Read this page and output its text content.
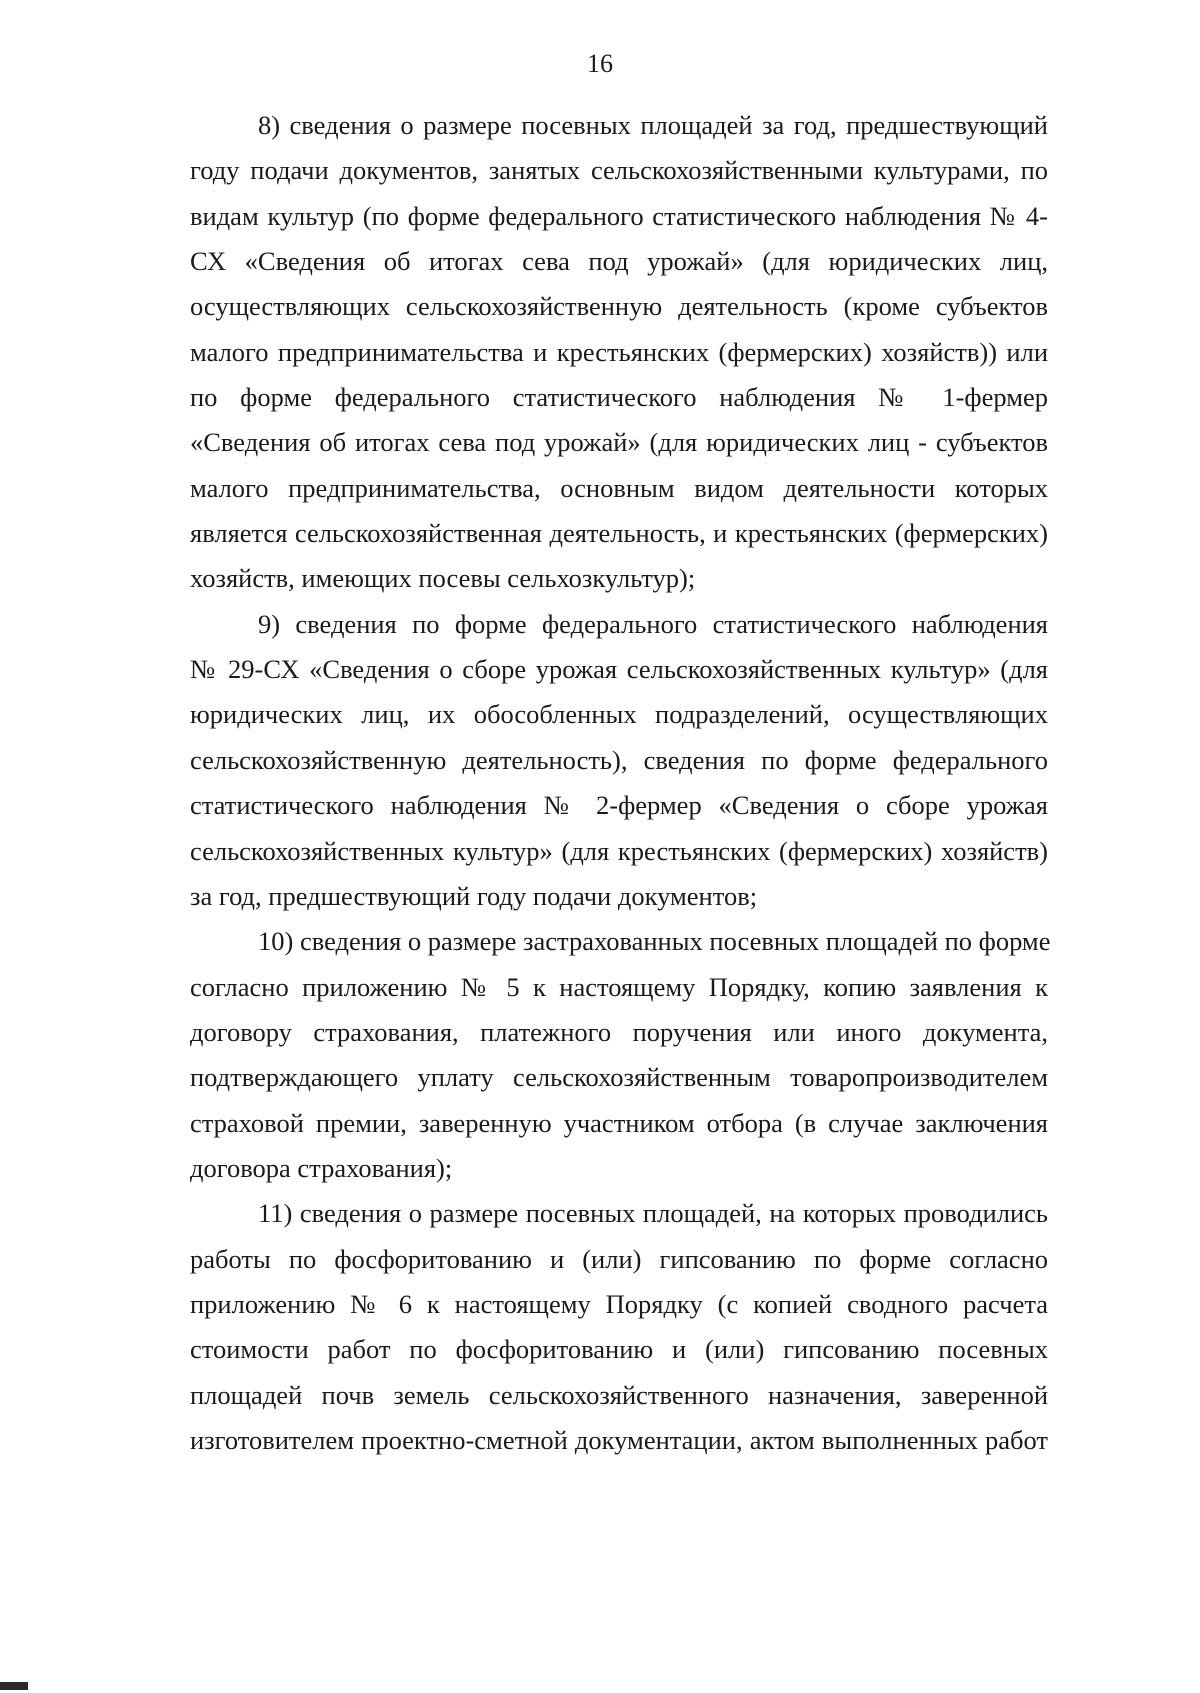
16
8) сведения о размере посевных площадей за год, предшествующий
году подачи документов, занятых сельскохозяйственными культурами, по
видам культур (по форме федерального статистического наблюдения № 4-
СХ «Сведения об итогах сева под урожай» (для юридических лиц,
осуществляющих сельскохозяйственную деятельность (кроме субъектов
малого предпринимательства и крестьянских (фермерских) хозяйств)) или
по форме федерального статистического наблюдения № 1-фермер
«Сведения об итогах сева под урожай» (для юридических лиц - субъектов
малого предпринимательства, основным видом деятельности которых
является сельскохозяйственная деятельность, и крестьянских (фермерских)
хозяйств, имеющих посевы сельхозкультур);
9) сведения по форме федерального статистического наблюдения
№ 29-СХ «Сведения о сборе урожая сельскохозяйственных культур» (для
юридических лиц, их обособленных подразделений, осуществляющих
сельскохозяйственную деятельность), сведения по форме федерального
статистического наблюдения № 2-фермер «Сведения о сборе урожая
сельскохозяйственных культур» (для крестьянских (фермерских) хозяйств)
за год, предшествующий году подачи документов;
10) сведения о размере застрахованных посевных площадей по форме
согласно приложению № 5 к настоящему Порядку, копию заявления к
договору страхования, платежного поручения или иного документа,
подтверждающего уплату сельскохозяйственным товаропроизводителем
страховой премии, заверенную участником отбора (в случае заключения
договора страхования);
11) сведения о размере посевных площадей, на которых проводились
работы по фосфоритованию и (или) гипсованию по форме согласно
приложению № 6 к настоящему Порядку (с копией сводного расчета
стоимости работ по фосфоритованию и (или) гипсованию посевных
площадей почв земель сельскохозяйственного назначения, заверенной
изготовителем проектно-сметной документации, актом выполненных работ
